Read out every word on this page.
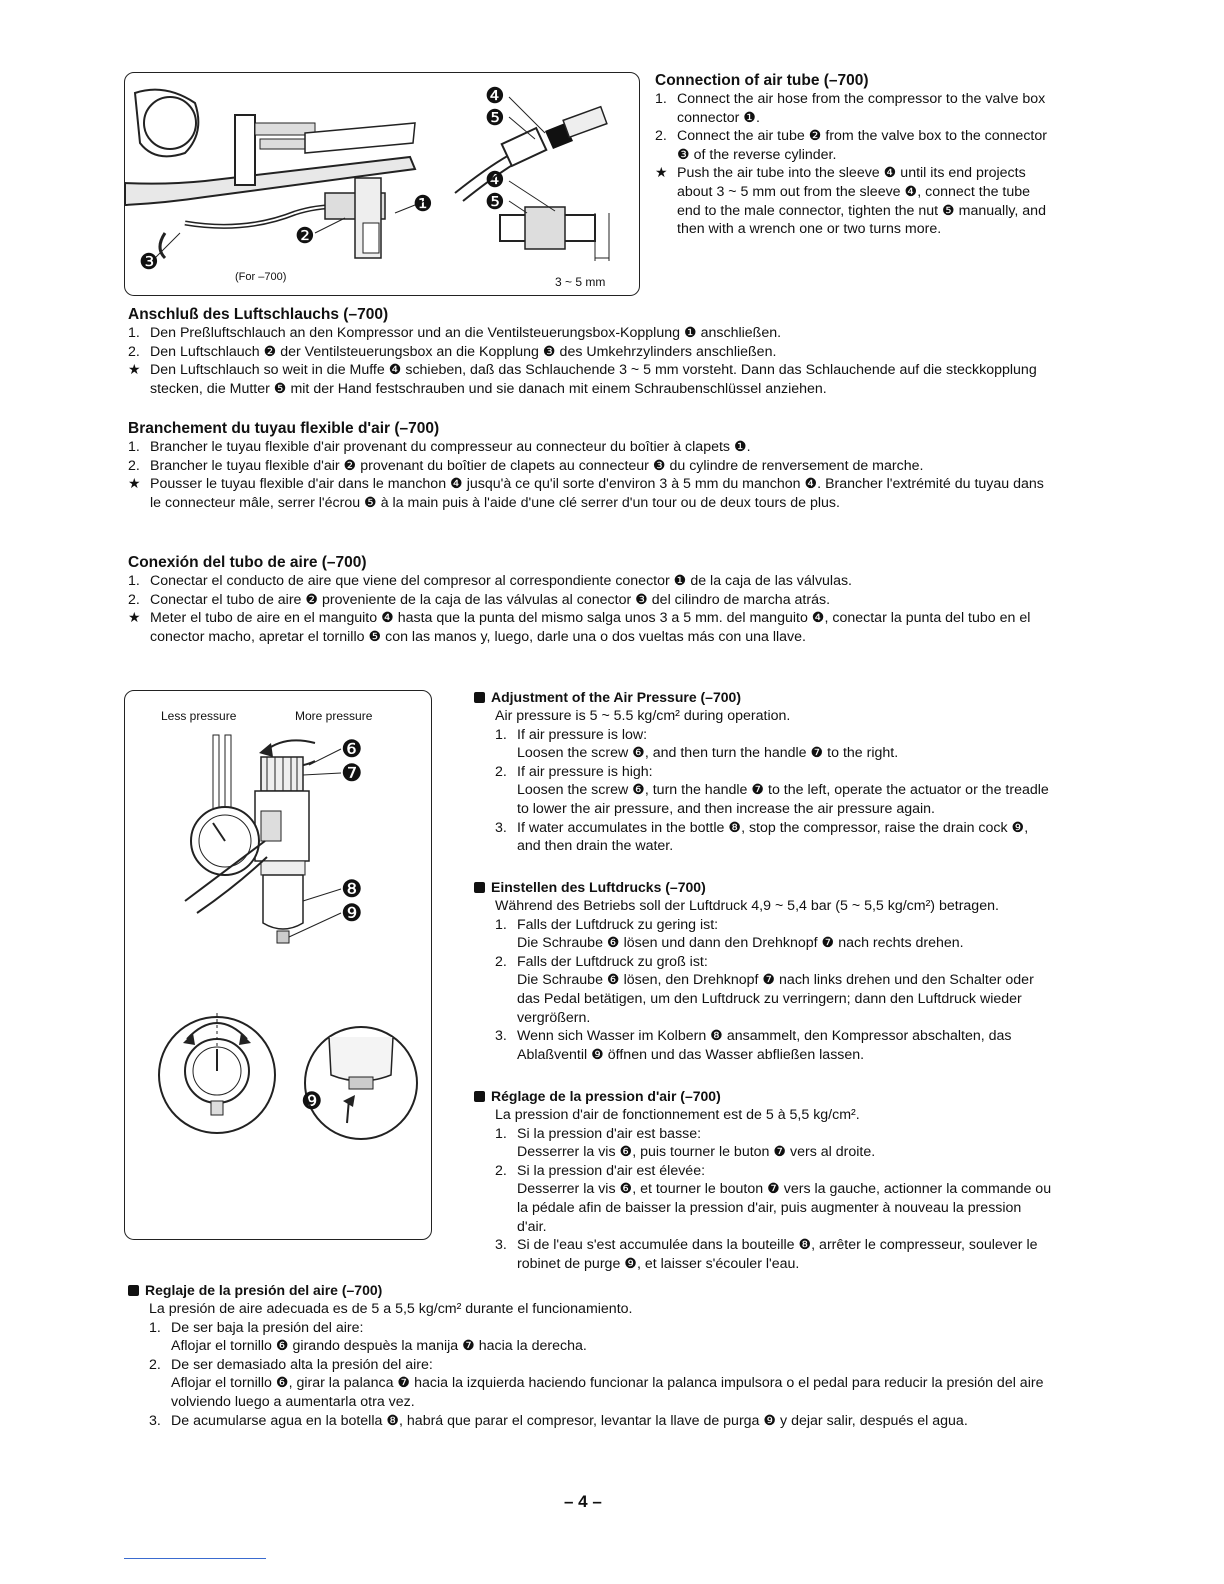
❹
❺
❶
❷
❸
❹
❺
(For –700)	3 ~ 5 mm

Connection of air tube (–700)

1. Connect the air hose from the compressor to the valve box connector ❶.
2. Connect the air tube ❷ from the valve box to the connector ❸ of the reverse cylinder.
★ Push the air tube into the sleeve ❹ until its end projects about 3 ~ 5 mm out from the sleeve ❹, connect the tube end to the male connector, tighten the nut ❺ manually, and then with a wrench one or two turns more.

Anschluß des Luftschlauchs (–700)

1. Den Preßluftschlauch an den Kompressor und an die Ventilsteuerungsbox-Kopplung ❶ anschließen.
2. Den Luftschlauch ❷ der Ventilsteuerungsbox an die Kopplung ❸ des Umkehrzylinders anschließen.
★ Den Luftschlauch so weit in die Muffe ❹ schieben, daß das Schlauchende 3 ~ 5 mm vorsteht. Dann das Schlauchende auf die steckkopplung stecken, die Mutter ❺ mit der Hand festschrauben und sie danach mit einem Schraubenschlüssel anziehen.

Branchement du tuyau flexible d'air (–700)

1. Brancher le tuyau flexible d'air provenant du compresseur au connecteur du boîtier à clapets ❶.
2. Brancher le tuyau flexible d'air ❷ provenant du boîtier de clapets au connecteur ❸ du cylindre de renversement de marche.
★ Pousser le tuyau flexible d'air dans le manchon ❹ jusqu'à ce qu'il sorte d'environ 3 à 5 mm du manchon ❹. Brancher l'extrémité du tuyau dans le connecteur mâle, serrer l'écrou ❺ à la main puis à l'aide d'une clé serrer d'un tour ou de deux tours de plus.

Conexión del tubo de aire (–700)

1. Conectar el conducto de aire que viene del compresor al correspondiente conector ❶ de la caja de las válvulas.
2. Conectar el tubo de aire ❷ proveniente de la caja de las válvulas al conector ❸ del cilindro de marcha atrás.
★ Meter el tubo de aire en el manguito ❹ hasta que la punta del mismo salga unos 3 a 5 mm. del manguito ❹, conectar la punta del tubo en el conector macho, apretar el tornillo ❺ con las manos y, luego, darle una o dos vueltas más con una llave.
Less pressure	More pressure
❻
❼
❽
❾
❾

Adjustment of the Air Pressure (–700)

Air pressure is 5 ~ 5.5 kg/cm² during operation.
1. If air pressure is low:
Loosen the screw ❻, and then turn the handle ❼ to the right.
2. If air pressure is high:
Loosen the screw ❻, turn the handle ❼ to the left, operate the actuator or the treadle to lower the air pressure, and then increase the air pressure again.
3. If water accumulates in the bottle ❽, stop the compressor, raise the drain cock ❾, and then drain the water.

Einstellen des Luftdrucks (–700)

Während des Betriebs soll der Luftdruck 4,9 ~ 5,4 bar (5 ~ 5,5 kg/cm²) betragen.
1. Falls der Luftdruck zu gering ist:
Die Schraube ❻ lösen und dann den Drehknopf ❼ nach rechts drehen.
2. Falls der Luftdruck zu groß ist:
Die Schraube ❻ lösen, den Drehknopf ❼ nach links drehen und den Schalter oder das Pedal betätigen, um den Luftdruck zu verringern; dann den Luftdruck wieder vergrößern.
3. Wenn sich Wasser im Kolbern ❽ ansammelt, den Kompressor abschalten, das Ablaßventil ❾ öffnen und das Wasser abfließen lassen.

Réglage de la pression d'air (–700)

La pression d'air de fonctionnement est de 5 à 5,5 kg/cm².
1. Si la pression d'air est basse:
Desserrer la vis ❻, puis tourner le buton ❼ vers al droite.
2. Si la pression d'air est élevée:
Desserrer la vis ❻, et tourner le bouton ❼ vers la gauche, actionner la commande ou la pédale afin de baisser la pression d'air, puis augmenter à nouveau la pression d'air.
3. Si de l'eau s'est accumulée dans la bouteille ❽, arrêter le compresseur, soulever le robinet de purge ❾, et laisser s'écouler l'eau.

Reglaje de la presión del aire (–700)

La presión de aire adecuada es de 5 a 5,5 kg/cm² durante el funcionamiento.
1. De ser baja la presión del aire:
Aflojar el tornillo ❻ girando despuès la manija ❼ hacia la derecha.
2. De ser demasiado alta la presión del aire:
Aflojar el tornillo ❻, girar la palanca ❼ hacia la izquierda haciendo funcionar la palanca impulsora o el pedal para reducir la presión del aire volviendo luego a aumentarla otra vez.
3. De acumularse agua en la botella ❽, habrá que parar el compresor, levantar la llave de purga ❾ y dejar salir, después el agua.
– 4 –
